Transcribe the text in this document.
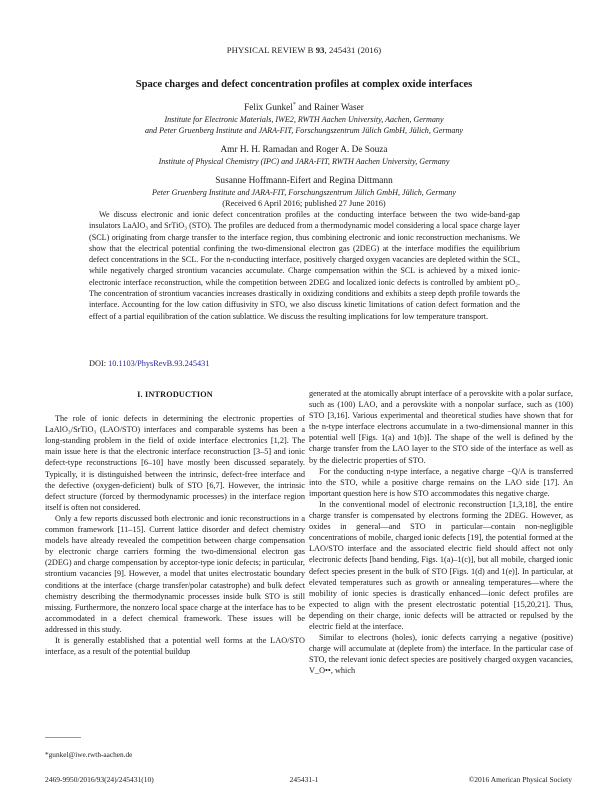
PHYSICAL REVIEW B 93, 245431 (2016)
Space charges and defect concentration profiles at complex oxide interfaces
Felix Gunkel* and Rainer Waser
Institute for Electronic Materials, IWE2, RWTH Aachen University, Aachen, Germany
and Peter Gruenberg Institute and JARA-FIT, Forschungszentrum Jülich GmbH, Jülich, Germany
Amr H. H. Ramadan and Roger A. De Souza
Institute of Physical Chemistry (IPC) and JARA-FIT, RWTH Aachen University, Germany
Susanne Hoffmann-Eifert and Regina Dittmann
Peter Gruenberg Institute and JARA-FIT, Forschungszentrum Jülich GmbH, Jülich, Germany
(Received 6 April 2016; published 27 June 2016)
We discuss electronic and ionic defect concentration profiles at the conducting interface between the two wide-band-gap insulators LaAlO₃ and SrTiO₃ (STO). The profiles are deduced from a thermodynamic model considering a local space charge layer (SCL) originating from charge transfer to the interface region, thus combining electronic and ionic reconstruction mechanisms. We show that the electrical potential confining the two-dimensional electron gas (2DEG) at the interface modifies the equilibrium defect concentrations in the SCL. For the n-conducting interface, positively charged oxygen vacancies are depleted within the SCL, while negatively charged strontium vacancies accumulate. Charge compensation within the SCL is achieved by a mixed ionic-electronic interface reconstruction, while the competition between 2DEG and localized ionic defects is controlled by ambient pO₂. The concentration of strontium vacancies increases drastically in oxidizing conditions and exhibits a steep depth profile towards the interface. Accounting for the low cation diffusivity in STO, we also discuss kinetic limitations of cation defect formation and the effect of a partial equilibration of the cation sublattice. We discuss the resulting implications for low temperature transport.
DOI: 10.1103/PhysRevB.93.245431
I. INTRODUCTION

The role of ionic defects in determining the electronic properties of LaAlO₃/SrTiO₃ (LAO/STO) interfaces and comparable systems has been a long-standing problem in the field of oxide interface electronics [1,2]. The main issue here is that the electronic interface reconstruction [3–5] and ionic defect-type reconstructions [6–10] have mostly been discussed separately. Typically, it is distinguished between the intrinsic, defect-free interface and the defective (oxygen-deficient) bulk of STO [6,7]. However, the intrinsic defect structure (forced by thermodynamic processes) in the interface region itself is often not considered.

Only a few reports discussed both electronic and ionic reconstructions in a common framework [11–15]. Current lattice disorder and defect chemistry models have already revealed the competition between charge compensation by electronic charge carriers forming the two-dimensional electron gas (2DEG) and charge compensation by acceptor-type ionic defects; in particular, strontium vacancies [9]. However, a model that unites electrostatic boundary conditions at the interface (charge transfer/polar catastrophe) and bulk defect chemistry describing the thermodynamic processes inside bulk STO is still missing. Furthermore, the nonzero local space charge at the interface has to be accommodated in a defect chemical framework. These issues will be addressed in this study.

It is generally established that a potential well forms at the LAO/STO interface, as a result of the potential buildup

generated at the atomically abrupt interface of a perovskite with a polar surface, such as (100) LAO, and a perovskite with a nonpolar surface, such as (100) STO [3,16]. Various experimental and theoretical studies have shown that for the n-type interface electrons accumulate in a two-dimensional manner in this potential well [Figs. 1(a) and 1(b)]. The shape of the well is defined by the charge transfer from the LAO layer to the STO side of the interface as well as by the dielectric properties of STO.

For the conducting n-type interface, a negative charge −Q/A is transferred into the STO, while a positive charge remains on the LAO side [17]. An important question here is how STO accommodates this negative charge.

In the conventional model of electronic reconstruction [1,3,18], the entire charge transfer is compensated by electrons forming the 2DEG. However, as oxides in general—and STO in particular—contain non-negligible concentrations of mobile, charged ionic defects [19], the potential formed at the LAO/STO interface and the associated electric field should affect not only electronic defects [band bending, Figs. 1(a)–1(c)], but all mobile, charged ionic defect species present in the bulk of STO [Figs. 1(d) and 1(e)]. In particular, at elevated temperatures such as growth or annealing temperatures—where the mobility of ionic species is drastically enhanced—ionic defect profiles are expected to align with the present electrostatic potential [15,20,21]. Thus, depending on their charge, ionic defects will be attracted or repulsed by the electric field at the interface.

Similar to electrons (holes), ionic defects carrying a negative (positive) charge will accumulate at (deplete from) the interface. In the particular case of STO, the relevant ionic defect species are positively charged oxygen vacancies, V_O••, which

*gunkel@iwe.rwth-aachen.de
2469-9950/2016/93(24)/245431(10)	245431-1	©2016 American Physical Society
